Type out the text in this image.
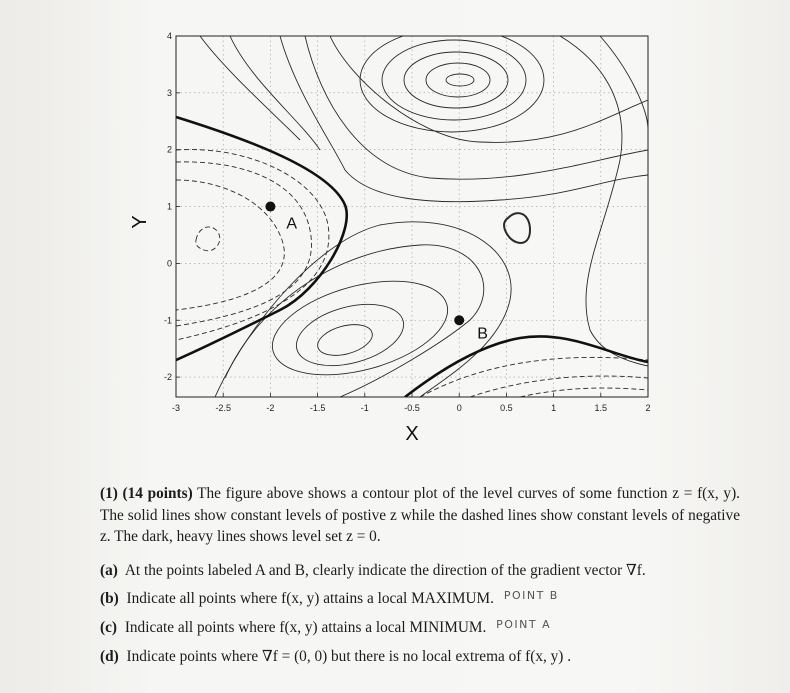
-3	-2.5	-2	-1.5	-1	-0.5	0	0.5	1	1.5	2
-2
-1
0
1
2
3
4
X
Y	A
B

(1) (14 points) The figure above shows a contour plot of the level curves of some function z = f(x, y). The solid lines show constant levels of postive z while the dashed lines show constant levels of negative z. The dark, heavy lines shows level set z = 0.

(a) At the points labeled A and B, clearly indicate the direction of the gradient vector ∇f.
(b) Indicate all points where f(x, y) attains a local MAXIMUM. $^{POINT B}$
(c) Indicate all points where f(x, y) attains a local MINIMUM. $^{POINT A}$
(d) Indicate points where ∇f = (0, 0) but there is no local extrema of f(x, y) .
